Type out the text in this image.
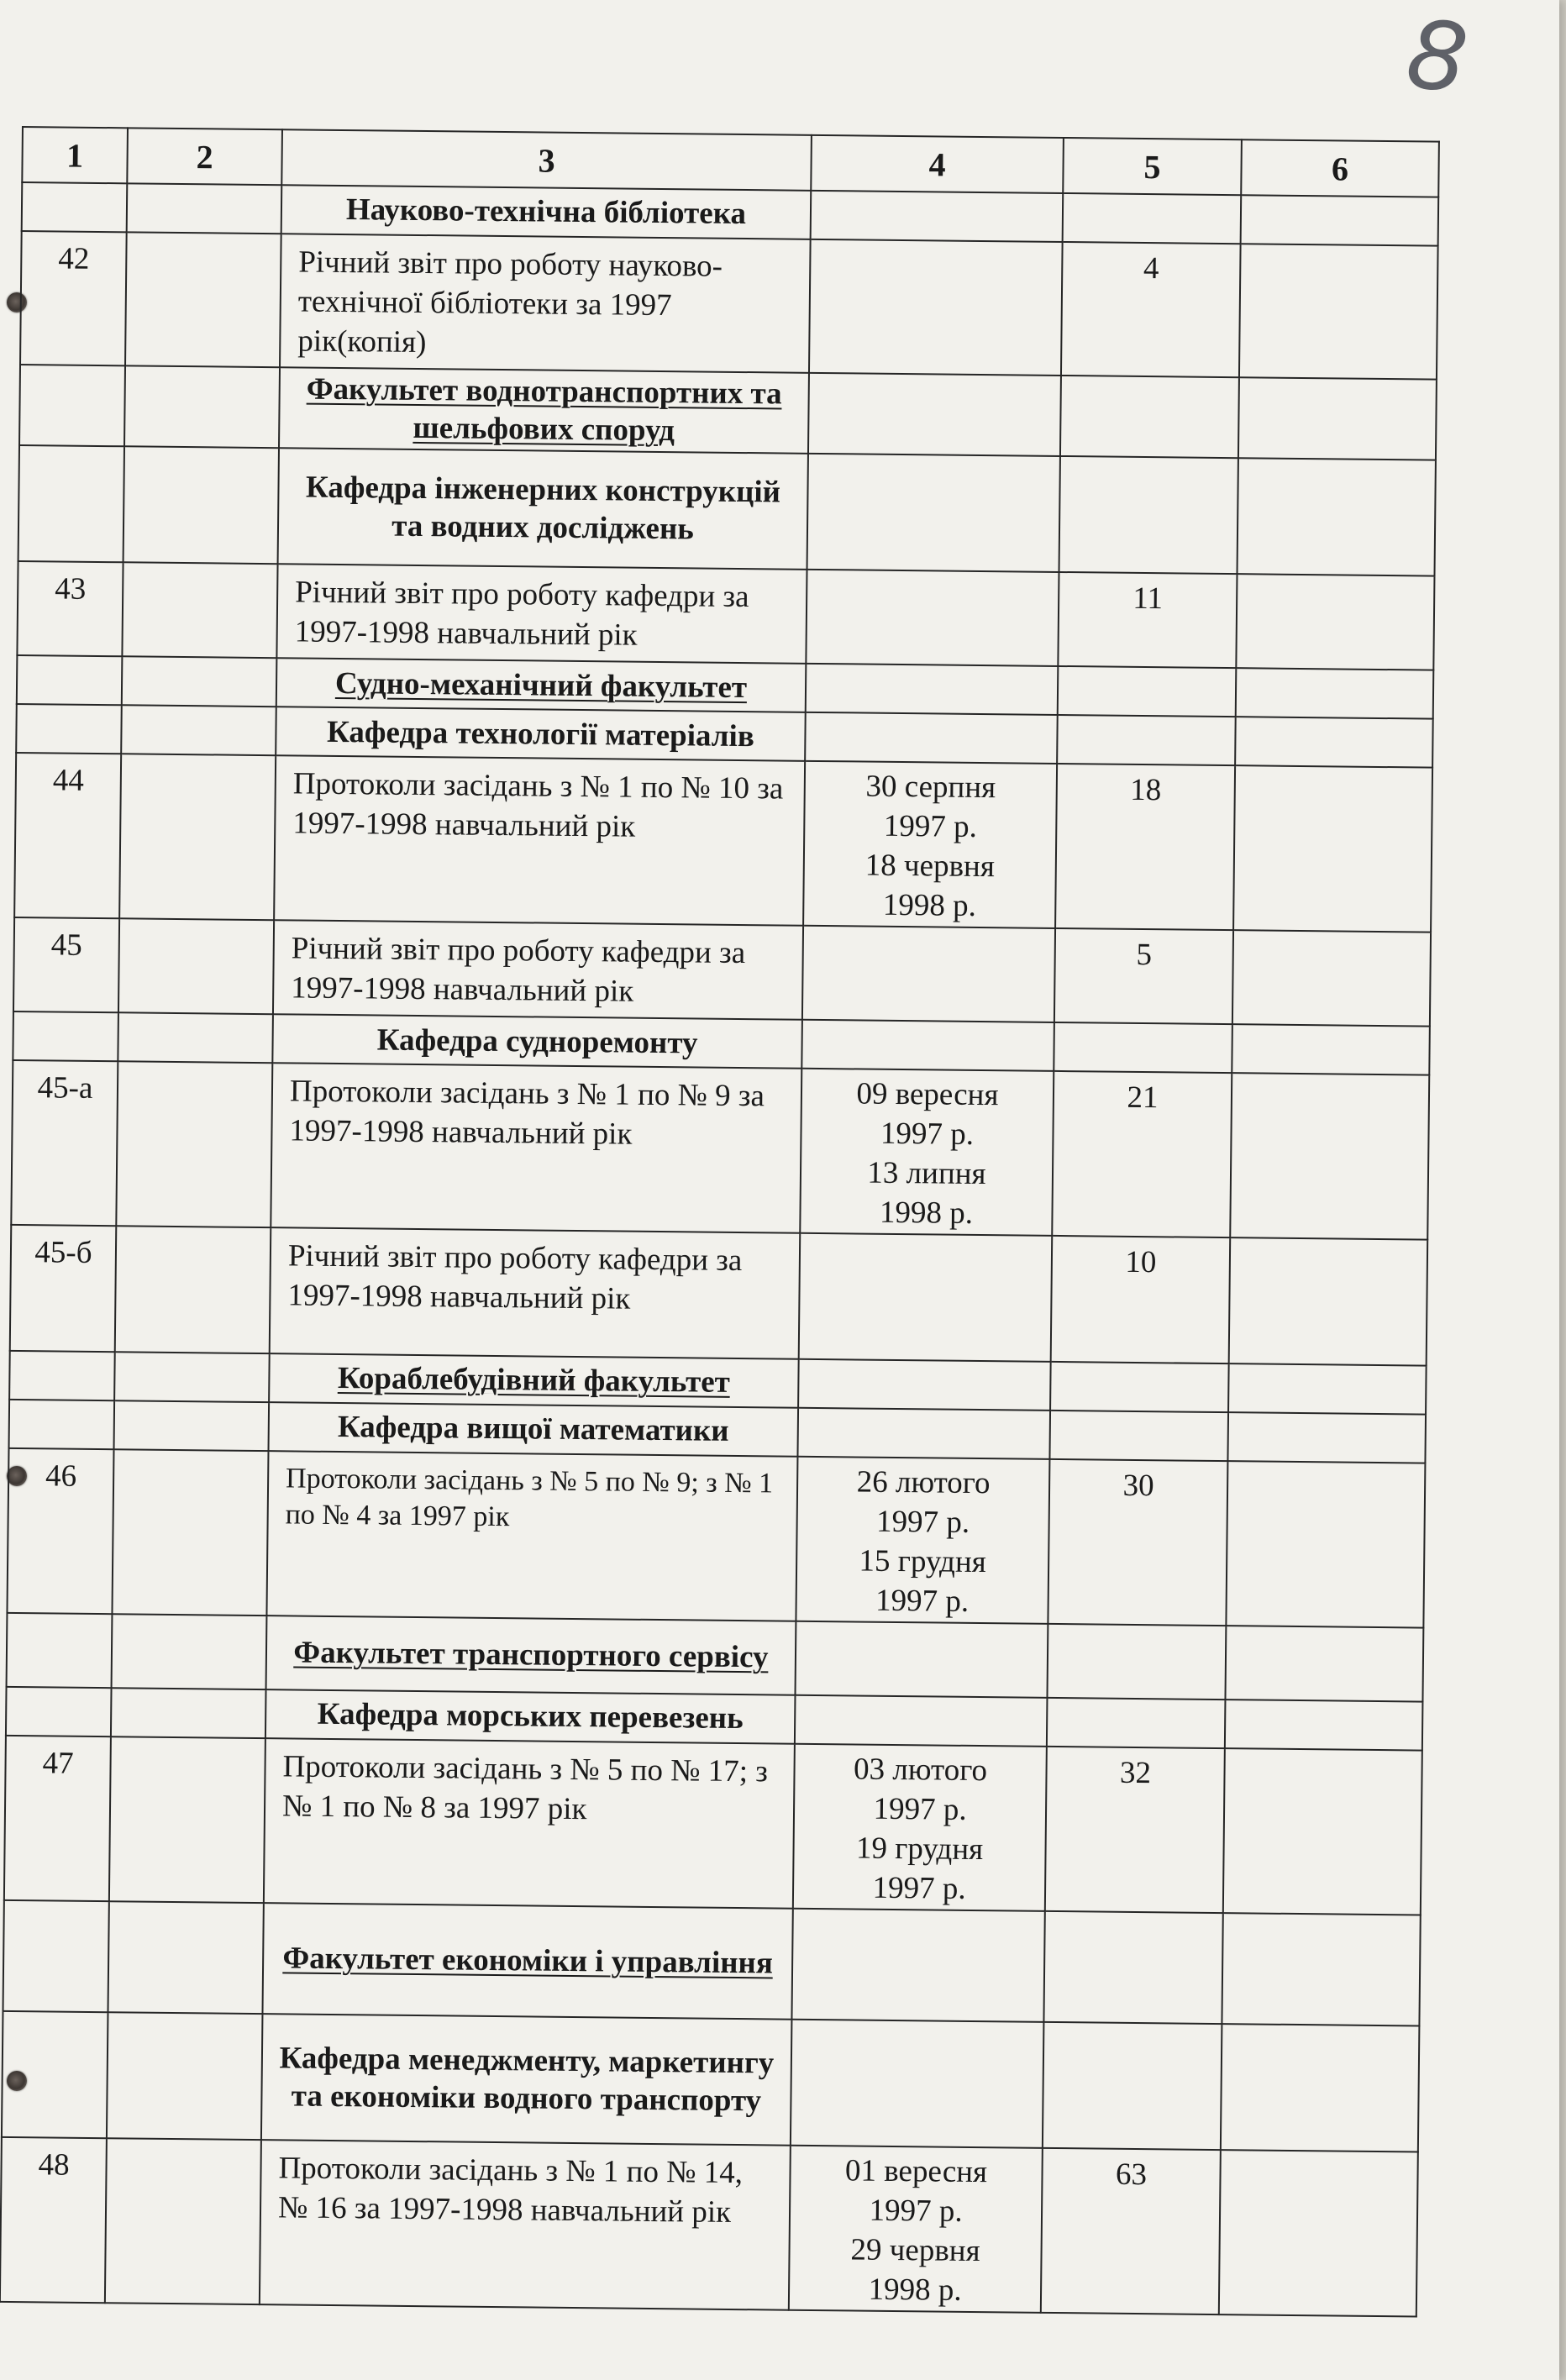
8
1	2	3	4	5	6
		Науково-технічна бібліотека			
42		Річний звіт про роботу науково-технічної бібліотеки за 1997 рік(копія)		4	
		Факультет воднотранспортних та шельфових споруд			
		Кафедра інженерних конструкцій та водних досліджень			
43		Річний звіт про роботу кафедри за 1997-1998 навчальний рік		11	
		Судно-механічний факультет			
		Кафедра технології матеріалів			
44		Протоколи засідань з № 1 по № 10 за 1997-1998 навчальний рік	30 серпня
1997 р.
18 червня
1998 р.	18	
45		Річний звіт про роботу кафедри за 1997-1998 навчальний рік		5	
		Кафедра судноремонту			
45-а		Протоколи засідань з № 1 по № 9 за 1997-1998 навчальний рік	09 вересня
1997 р.
13 липня
1998 р.	21	
45-б		Річний звіт про роботу кафедри за 1997-1998 навчальний рік		10	
		Кораблебудівний факультет			
		Кафедра вищої математики			
46		Протоколи засідань з № 5 по № 9; з № 1 по № 4 за 1997 рік	26 лютого
1997 р.
15 грудня
1997 р.	30	
		Факультет транспортного сервісу			
		Кафедра морських перевезень			
47		Протоколи засідань з № 5 по № 17; з № 1 по № 8 за 1997 рік	03 лютого
1997 р.
19 грудня
1997 р.	32	
		Факультет економіки і управління			
		Кафедра менеджменту, маркетингу та економіки водного транспорту			
48		Протоколи засідань з № 1 по № 14, № 16 за 1997-1998 навчальний рік	01 вересня
1997 р.
29 червня
1998 р.	63	
